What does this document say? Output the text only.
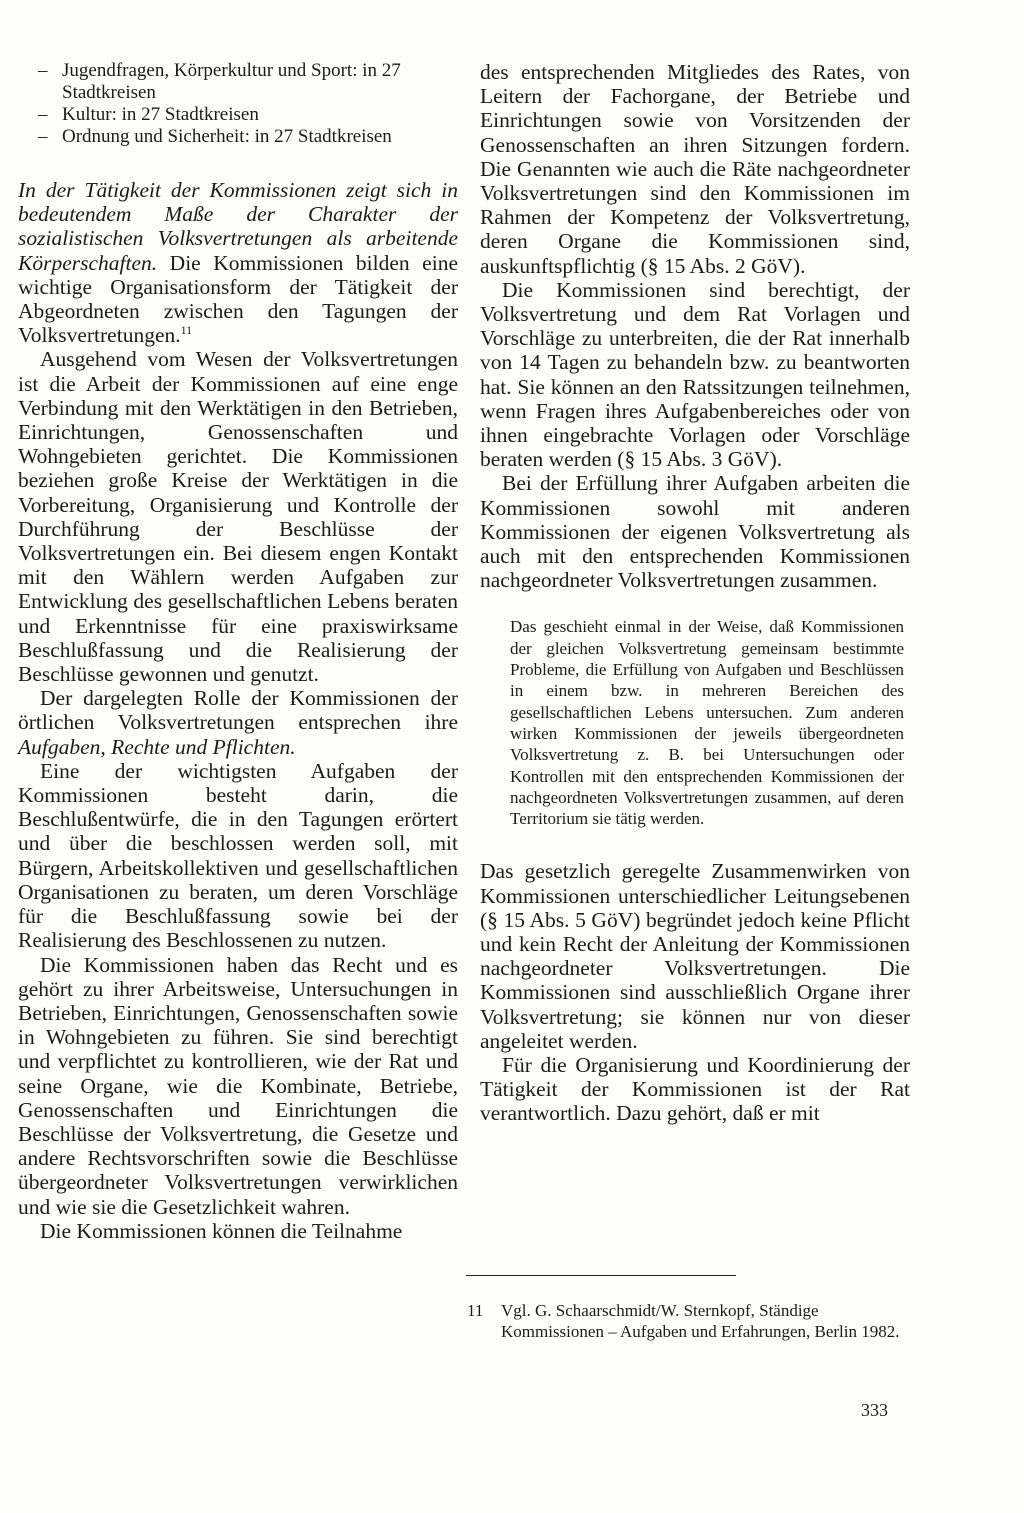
– Jugendfragen, Körperkultur und Sport: in 27 Stadtkreisen
– Kultur: in 27 Stadtkreisen
– Ordnung und Sicherheit: in 27 Stadtkreisen

In der Tätigkeit der Kommissionen zeigt sich in bedeutendem Maße der Charakter der sozialistischen Volksvertretungen als arbeitende Körperschaften. Die Kommissionen bilden eine wichtige Organisationsform der Tätigkeit der Abgeordneten zwischen den Tagungen der Volksvertretungen.$^{11}$

Ausgehend vom Wesen der Volksvertretungen ist die Arbeit der Kommissionen auf eine enge Verbindung mit den Werktätigen in den Betrieben, Einrichtungen, Genossenschaften und Wohngebieten gerichtet. Die Kommissionen beziehen große Kreise der Werktätigen in die Vorbereitung, Organisierung und Kontrolle der Durchführung der Beschlüsse der Volksvertretungen ein. Bei diesem engen Kontakt mit den Wählern werden Aufgaben zur Entwicklung des gesellschaftlichen Lebens beraten und Erkenntnisse für eine praxiswirksame Beschlußfassung und die Realisierung der Beschlüsse gewonnen und genutzt.

Der dargelegten Rolle der Kommissionen der örtlichen Volksvertretungen entsprechen ihre Aufgaben, Rechte und Pflichten.

Eine der wichtigsten Aufgaben der Kommissionen besteht darin, die Beschlußentwürfe, die in den Tagungen erörtert und über die beschlossen werden soll, mit Bürgern, Arbeitskollektiven und gesellschaftlichen Organisationen zu beraten, um deren Vorschläge für die Beschlußfassung sowie bei der Realisierung des Beschlossenen zu nutzen.

Die Kommissionen haben das Recht und es gehört zu ihrer Arbeitsweise, Untersuchungen in Betrieben, Einrichtungen, Genossenschaften sowie in Wohngebieten zu führen. Sie sind berechtigt und verpflichtet zu kontrollieren, wie der Rat und seine Organe, wie die Kombinate, Betriebe, Genossenschaften und Einrichtungen die Beschlüsse der Volksvertretung, die Gesetze und andere Rechtsvorschriften sowie die Beschlüsse übergeordneter Volksvertretungen verwirklichen und wie sie die Gesetzlichkeit wahren.

Die Kommissionen können die Teilnahme

des entsprechenden Mitgliedes des Rates, von Leitern der Fachorgane, der Betriebe und Einrichtungen sowie von Vorsitzenden der Genossenschaften an ihren Sitzungen fordern. Die Genannten wie auch die Räte nachgeordneter Volksvertretungen sind den Kommissionen im Rahmen der Kompetenz der Volksvertretung, deren Organe die Kommissionen sind, auskunftspflichtig (§ 15 Abs. 2 GöV).

Die Kommissionen sind berechtigt, der Volksvertretung und dem Rat Vorlagen und Vorschläge zu unterbreiten, die der Rat innerhalb von 14 Tagen zu behandeln bzw. zu beantworten hat. Sie können an den Ratssitzungen teilnehmen, wenn Fragen ihres Aufgabenbereiches oder von ihnen eingebrachte Vorlagen oder Vorschläge beraten werden (§ 15 Abs. 3 GöV).

Bei der Erfüllung ihrer Aufgaben arbeiten die Kommissionen sowohl mit anderen Kommissionen der eigenen Volksvertretung als auch mit den entsprechenden Kommissionen nachgeordneter Volksvertretungen zusammen.

Das geschieht einmal in der Weise, daß Kommissionen der gleichen Volksvertretung gemeinsam bestimmte Probleme, die Erfüllung von Aufgaben und Beschlüssen in einem bzw. in mehreren Bereichen des gesellschaftlichen Lebens untersuchen. Zum anderen wirken Kommissionen der jeweils übergeordneten Volksvertretung z. B. bei Untersuchungen oder Kontrollen mit den entsprechenden Kommissionen der nachgeordneten Volksvertretungen zusammen, auf deren Territorium sie tätig werden.

Das gesetzlich geregelte Zusammenwirken von Kommissionen unterschiedlicher Leitungsebenen (§ 15 Abs. 5 GöV) begründet jedoch keine Pflicht und kein Recht der Anleitung der Kommissionen nachgeordneter Volksvertretungen. Die Kommissionen sind ausschließlich Organe ihrer Volksvertretung; sie können nur von dieser angeleitet werden.

Für die Organisierung und Koordinierung der Tätigkeit der Kommissionen ist der Rat verantwortlich. Dazu gehört, daß er mit

11 Vgl. G. Schaarschmidt/W. Sternkopf, Ständige Kommissionen – Aufgaben und Erfahrungen, Berlin 1982.
333
